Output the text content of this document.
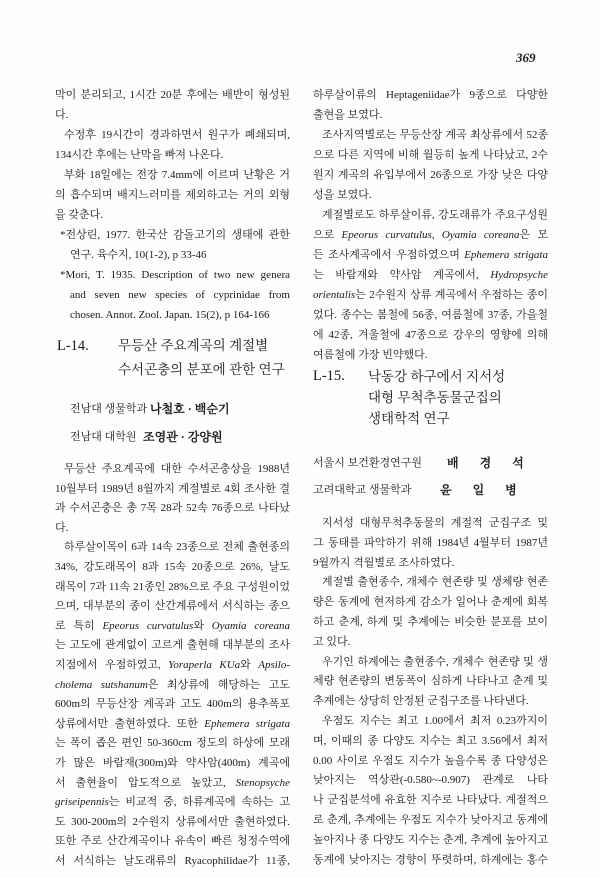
369
막이 분리되고, 1시간 20분 후에는 배반이 형성된
다.
수정후 19시간이 경과하면서 원구가 폐쇄되며,
134시간 후에는 난막을 빠져 나온다.
부화 18일에는 전장 7.4mm에 이르며 난황은 거
의 흡수되며 배지느러미를 제외하고는 거의 외형
을 갖춘다.
*전상린, 1977. 한국산 감돌고기의 생태에 관한
연구. 육수지, 10(1-2), p 33-46
*Mori, T. 1935. Description of two new genera
and seven new species of cyprinidae from
chosen. Annot. Zool. Japan. 15(2), p 164-166
L-14. 무등산 주요계곡의 계절별
수서곤충의 분포에 관한 연구
전남대 생물학과 나철호 · 백순기
전남대 대학원 조영관 · 강양원
무등산 주요계곡에 대한 수서곤충상을 1988년
10월부터 1989년 8월까지 계절별로 4회 조사한 결
과 수서곤충은 총 7목 28과 52속 76종으로 나타났
다.
하루살이목이 6과 14속 23종으로 전체 출현종의
34%, 강도래목이 8과 15속 20종으로 26%, 날도
래목이 7과 11속 21종인 28%으로 주요 구성원이었
으며, 대부분의 종이 산간계류에서 서식하는 종으
로 특히 Epeorus curvatulus와 Oyamia coreana
는 고도에 관계없이 고르게 출현해 대부분의 조사
지점에서 우점하였고, Yoraperla KUa와 Apsilo-
cholema sutshanum은 최상류에 해당하는 고도
600m의 무등산장 계곡과 고도 400m의 용추폭포
상류에서만 출현하였다. 또한 Ephemera strigata
는 폭이 좁은 편인 50-360cm 정도의 하상에 모래
가 많은 바람재(300m)와 약사암(400m) 계곡에
서 출현율이 압도적으로 높았고, Stenopsyche
griseipennis는 비교적 중, 하류계곡에 속하는 고
도 300-200m의 2수원지 상류에서만 출현하였다.
또한 주로 산간계곡이나 유속이 빠른 청정수역에
서 서식하는 날도래류의 Ryacophilidae가 11종,
하루살이류의 Heptageniidae가 9종으로 다양한
출현을 보였다.
조사지역별로는 무등산장 계곡 최상류에서 52종
으로 다른 지역에 비해 월등히 높게 나타났고, 2수
원지 계곡의 유입부에서 26종으로 가장 낮은 다양
성을 보였다.
계절별로도 하루살이류, 강도래류가 주요구성원
으로 Epeorus curvatulus, Oyamia coreana은 모
든 조사계곡에서 우점하였으며 Ephemera strigata
는 바람재와 약사암 계곡에서, Hydropsyche
orientalis는 2수원지 상류 계곡에서 우점하는 종이
었다. 종수는 봄철에 56종, 여름철에 37종, 가을철
에 42종, 겨울철에 47종으로 강우의 영향에 의해
여름철에 가장 빈약했다.
L-15. 낙동강 하구에서 지서성
대형 무척추동물군집의
생태학적 연구
서울시 보건환경연구원 배 경 석
고려대학교 생물학과 윤 일 병
지서성 대형무척추동물의 계절적 군집구조 및
그 동태를 파악하기 위해 1984년 4월부터 1987년
9월까지 격월별로 조사하였다.
계절별 출현종수, 개체수 현존량 및 생체량 현존
량은 동계에 현저하게 감소가 일어나 춘계에 회복
하고 춘계, 하계 및 추계에는 비슷한 분포를 보이
고 있다.
우기인 하계에는 출현종수, 개체수 현존량 및 생
체량 현존량의 변동폭이 심하게 나타나고 춘계 및
추계에는 상당히 안정된 군집구조를 나타낸다.
우점도 지수는 최고 1.00에서 최저 0.23까지이
며, 이때의 종 다양도 지수는 최고 3.56에서 최저
0.00 사이로 우점도 지수가 높을수록 종 다양성은
낮아지는 역상관(-0.580~-0.907) 관계로 나타
나 군집분석에 유효한 지수로 나타났다. 계절적으
로 춘계, 추계에는 우점도 지수가 낮아지고 동계에
높아지나 종 다양도 지수는 춘계, 추계에 높아지고
동계에 낮아지는 경향이 뚜렷하며, 하계에는 홍수
